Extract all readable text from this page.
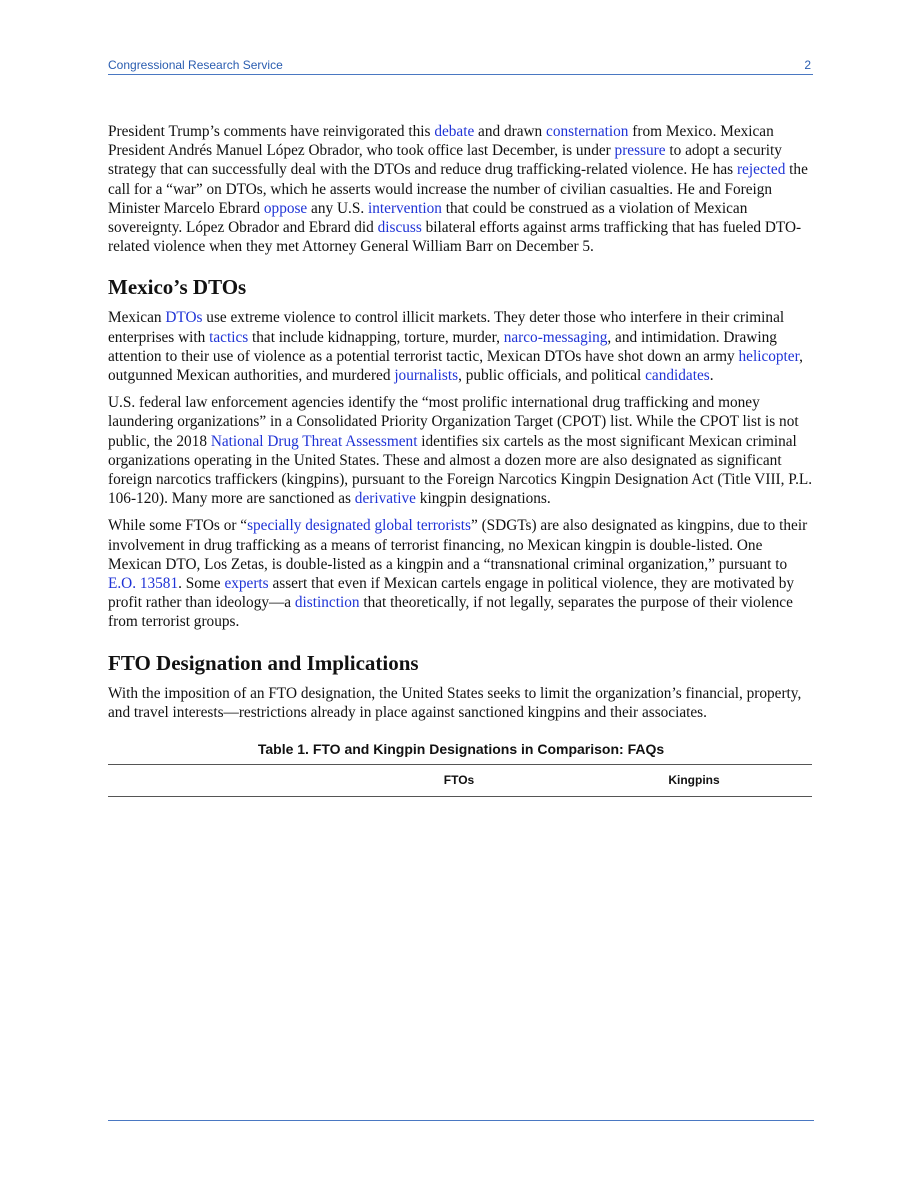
Congressional Research Service	2

President Trump’s comments have reinvigorated this debate and drawn consternation from Mexico. Mexican President Andrés Manuel López Obrador, who took office last December, is under pressure to adopt a security strategy that can successfully deal with the DTOs and reduce drug trafficking-related violence. He has rejected the call for a “war” on DTOs, which he asserts would increase the number of civilian casualties. He and Foreign Minister Marcelo Ebrard oppose any U.S. intervention that could be construed as a violation of Mexican sovereignty. López Obrador and Ebrard did discuss bilateral efforts against arms trafficking that has fueled DTO-related violence when they met Attorney General William Barr on December 5.

Mexico’s DTOs

Mexican DTOs use extreme violence to control illicit markets. They deter those who interfere in their criminal enterprises with tactics that include kidnapping, torture, murder, narco-messaging, and intimidation. Drawing attention to their use of violence as a potential terrorist tactic, Mexican DTOs have shot down an army helicopter, outgunned Mexican authorities, and murdered journalists, public officials, and political candidates.

U.S. federal law enforcement agencies identify the “most prolific international drug trafficking and money laundering organizations” in a Consolidated Priority Organization Target (CPOT) list. While the CPOT list is not public, the 2018 National Drug Threat Assessment identifies six cartels as the most significant Mexican criminal organizations operating in the United States. These and almost a dozen more are also designated as significant foreign narcotics traffickers (kingpins), pursuant to the Foreign Narcotics Kingpin Designation Act (Title VIII, P.L. 106-120). Many more are sanctioned as derivative kingpin designations.

While some FTOs or “specially designated global terrorists” (SDGTs) are also designated as kingpins, due to their involvement in drug trafficking as a means of terrorist financing, no Mexican kingpin is double-listed. One Mexican DTO, Los Zetas, is double-listed as a kingpin and a “transnational criminal organization,” pursuant to E.O. 13581. Some experts assert that even if Mexican cartels engage in political violence, they are motivated by profit rather than ideology—a distinction that theoretically, if not legally, separates the purpose of their violence from terrorist groups.

FTO Designation and Implications

With the imposition of an FTO designation, the United States seeks to limit the organization’s financial, property, and travel interests—restrictions already in place against sanctioned kingpins and their associates.

Table 1. FTO and Kingpin Designations in Comparison: FAQs
FTOs	Kingpins
